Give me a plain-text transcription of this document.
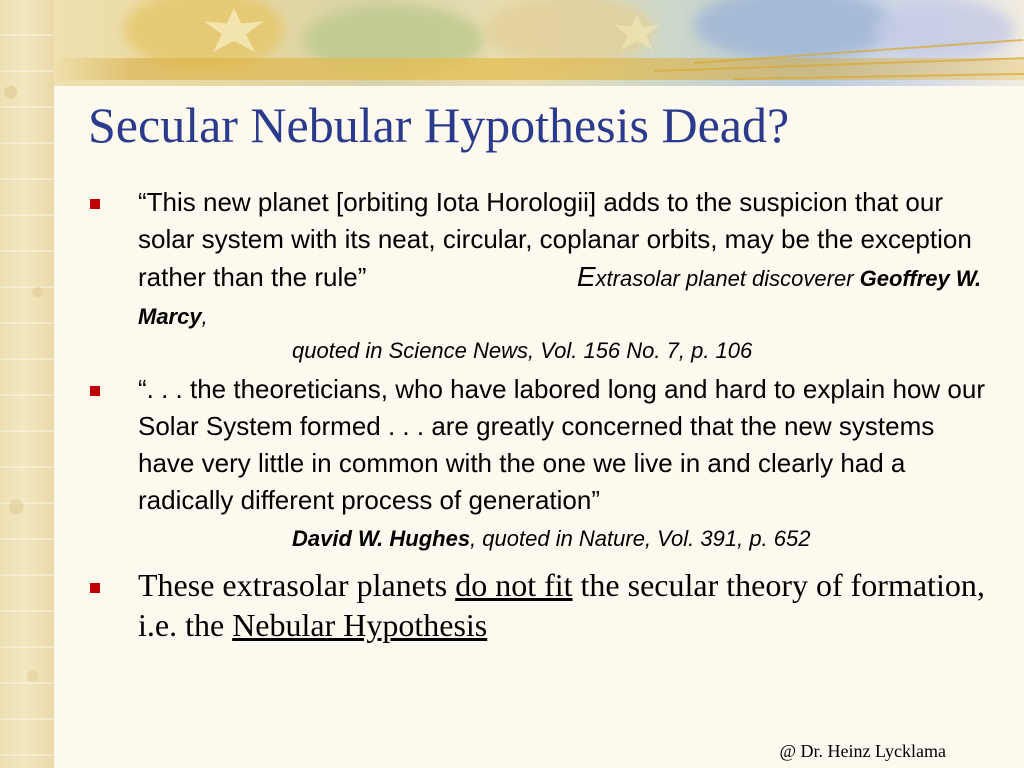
Secular Nebular Hypothesis Dead?
“This new planet [orbiting Iota Horologii] adds to the suspicion that our solar system with its neat, circular, coplanar orbits, may be the exception rather than the rule”	Extrasolar planet discoverer Geoffrey W. Marcy,
quoted in Science News, Vol. 156 No. 7, p. 106
“. . . the theoreticians, who have labored long and hard to explain how our Solar System formed . . . are greatly concerned that the new systems have very little in common with the one we live in and clearly had a radically different process of generation”
David W. Hughes, quoted in Nature, Vol. 391, p. 652
These extrasolar planets do not fit the secular theory of formation, i.e. the Nebular Hypothesis
@ Dr. Heinz Lycklama
